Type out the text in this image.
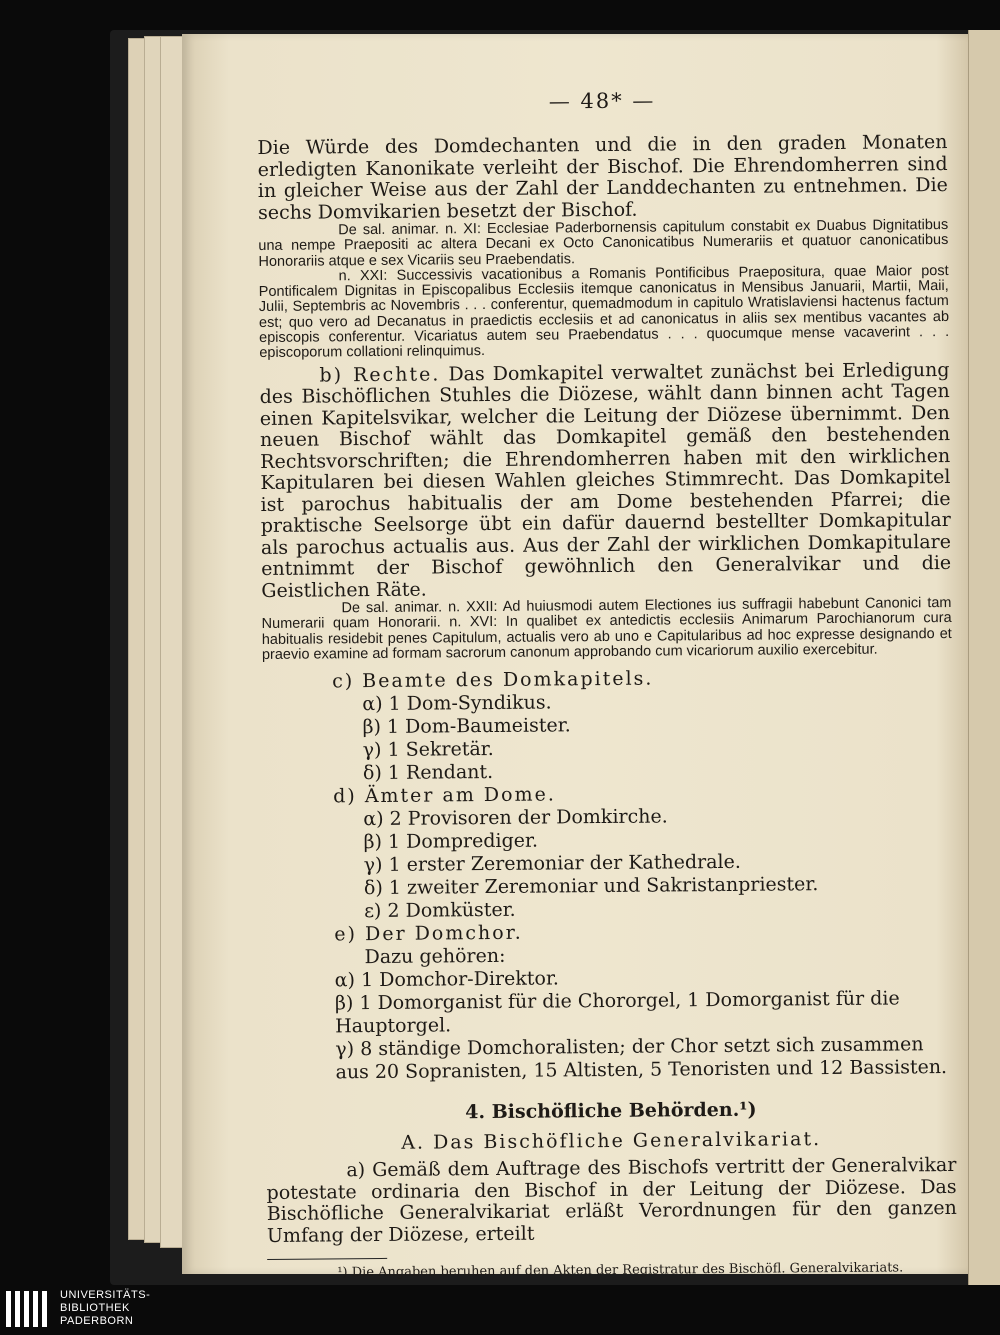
— 48* —

Die Würde des Domdechanten und die in den graden Monaten erledigten Kanonikate verleiht der Bischof. Die Ehrendomherren sind in gleicher Weise aus der Zahl der Landdechanten zu entnehmen. Die sechs Domvikarien besetzt der Bischof.

De sal. animar. n. XI: Ecclesiae Paderbornensis capitulum constabit ex Duabus Dignitatibus una nempe Praepositi ac altera Decani ex Octo Canonicatibus Numerariis et quatuor canonicatibus Honorariis atque e sex Vicariis seu Praebendatis.

n. XXI: Successivis vacationibus a Romanis Pontificibus Praepositura, quae Maior post Pontificalem Dignitas in Episcopalibus Ecclesiis itemque canonicatus in Mensibus Januarii, Martii, Maii, Julii, Septembris ac Novembris . . . conferentur, quemadmodum in capitulo Wratislaviensi hactenus factum est; quo vero ad Decanatus in praedictis ecclesiis et ad canonicatus in aliis sex mentibus vacantes ab episcopis conferentur. Vicariatus autem seu Praebendatus . . . quocumque mense vacaverint . . . episcoporum collationi relinquimus.

b) Rechte. Das Domkapitel verwaltet zunächst bei Erledigung des Bischöflichen Stuhles die Diözese, wählt dann binnen acht Tagen einen Kapitelsvikar, welcher die Leitung der Diözese übernimmt. Den neuen Bischof wählt das Domkapitel gemäß den bestehenden Rechtsvorschriften; die Ehrendomherren haben mit den wirklichen Kapitularen bei diesen Wahlen gleiches Stimmrecht. Das Domkapitel ist parochus habitualis der am Dome bestehenden Pfarrei; die praktische Seelsorge übt ein dafür dauernd bestellter Domkapitular als parochus actualis aus. Aus der Zahl der wirklichen Domkapitulare entnimmt der Bischof gewöhnlich den Generalvikar und die Geistlichen Räte.

De sal. animar. n. XXII: Ad huiusmodi autem Electiones ius suffragii habebunt Canonici tam Numerarii quam Honorarii. n. XVI: In qualibet ex antedictis ecclesiis Animarum Parochianorum cura habitualis residebit penes Capitulum, actualis vero ab uno e Capitularibus ad hoc expresse designando et praevio examine ad formam sacrorum canonum approbando cum vicariorum auxilio exercebitur.

c) Beamte des Domkapitels.
α) 1 Dom-Syndikus.
β) 1 Dom-Baumeister.
γ) 1 Sekretär.
δ) 1 Rendant.
d) Ämter am Dome.
α) 2 Provisoren der Domkirche.
β) 1 Domprediger.
γ) 1 erster Zeremoniar der Kathedrale.
δ) 1 zweiter Zeremoniar und Sakristanpriester.
ε) 2 Domküster.
e) Der Domchor.
Dazu gehören:
α) 1 Domchor-Direktor.
β) 1 Domorganist für die Chororgel, 1 Domorganist für die Hauptorgel.
γ) 8 ständige Domchoralisten; der Chor setzt sich zusammen aus 20 Sopranisten, 15 Altisten, 5 Tenoristen und 12 Bassisten.
4. Bischöfliche Behörden.¹)
A. Das Bischöfliche Generalvikariat.

a) Gemäß dem Auftrage des Bischofs vertritt der Generalvikar potestate ordinaria den Bischof in der Leitung der Diözese. Das Bischöfliche Generalvikariat erläßt Verordnungen für den ganzen Umfang der Diözese, erteilt

¹) Die Angaben beruhen auf den Akten der Registratur des Bischöfl. Generalvikariats.
UNIVERSITÄTS-
BIBLIOTHEK
PADERBORN
